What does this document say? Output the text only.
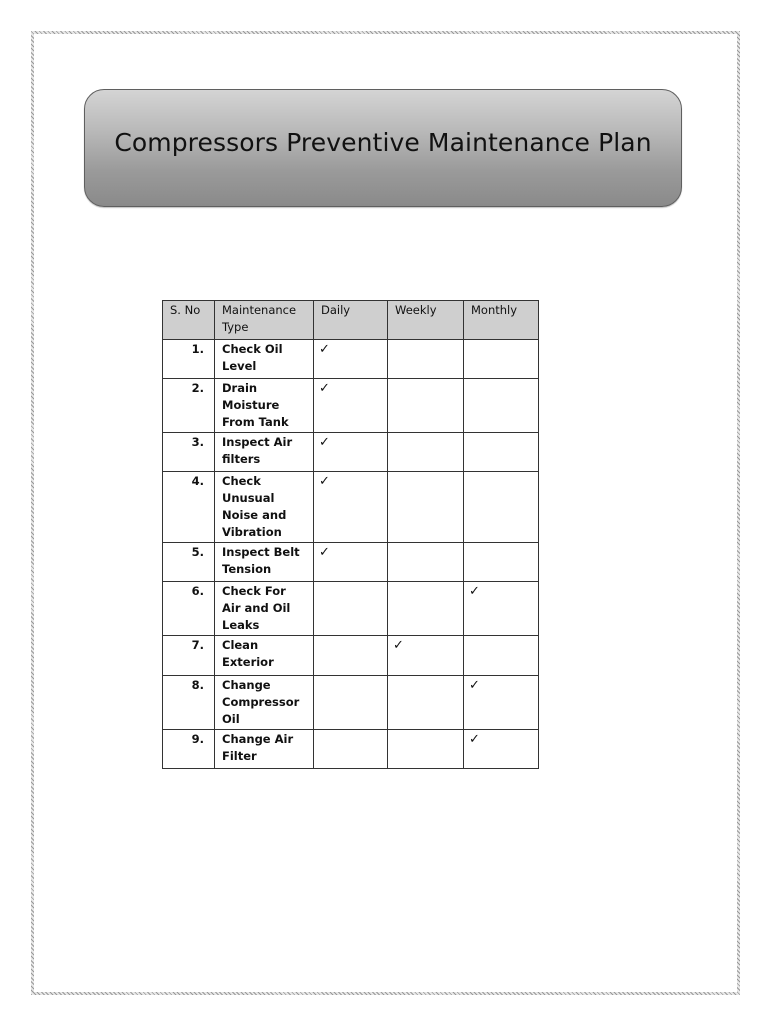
Compressors Preventive Maintenance Plan
S. No	Maintenance Type	Daily	Weekly	Monthly
1.	Check Oil Level	✓		
2.	Drain Moisture From Tank	✓		
3.	Inspect Air filters	✓		
4.	Check Unusual Noise and Vibration	✓		
5.	Inspect Belt Tension	✓		
6.	Check For Air and Oil Leaks			✓
7.	Clean Exterior		✓	
8.	Change Compressor Oil			✓
9.	Change Air Filter			✓
